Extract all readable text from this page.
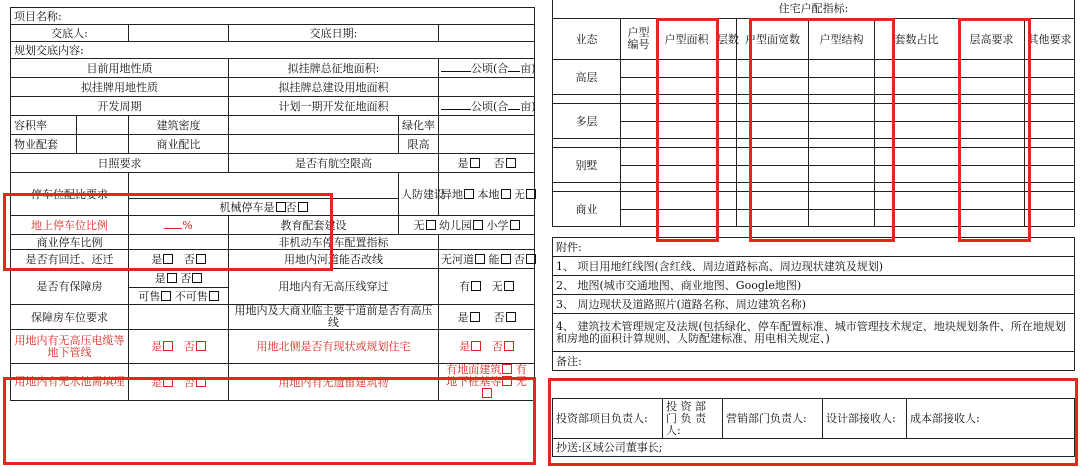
项目名称:					
交底人:			交底日期:		
规划交底内容:					
目前用地性质			拟挂牌总征地面积:		公顷(合 亩)
拟挂牌用地性质			拟挂牌总建设用地面积		
开发周期			计划一期开发征地面积		公顷(合 亩)
容积率		建筑密度		绿化率	
物业配套		商业配比		限高	
日照要求			是否有航空限高		是 否
停车位配比要求				人防建设	异地 本地 无
		机械停车是 否			
地上停车位比例		%	教育配套建设	无 幼儿园 小学	
商业停车比例			非机动车停车配置指标		
是否有回迁、还迁		是 否	用地内河道能否改线		无河道 能 否
是否有保障房		是 否	用地内有无高压线穿过		有 无
		可售 不可售			
保障房车位要求			用地内及大商业临主要干道前是否有高压线		是 否
用地内有无高压电缆等地下管线		是 否	用地北侧是否有现状或规划住宅		是 否
用地内有无水池需填埋		是 否	用地内有无遗留建筑物		有地面建筑 有地下桩基等 无
住宅户配指标:
业态	户型编号	户型面积	层数	户型面宽数	户型结构	套数占比	层高要求	其他要求
高层								

多层								

别墅								

商业								

附件:
1、 项目用地红线图(含红线、周边道路标高、周边现状建筑及规划)
2、 地图(城市交通地图、商业地图、Google地图)
3、 周边现状及道路照片(道路名称、周边建筑名称)
4、 建筑技术管理规定及法规(包括绿化、停车配置标准、城市管理技术规定、地块规划条件、所在地规划和房地的面积计算规则、人防配建标准、用电相关规定、)
备注:
投资部项目负责人:	投 资 部 门 负 责人:	营销部门负责人:	设计部接收人:	成本部接收人:
抄送:区域公司董事长;
